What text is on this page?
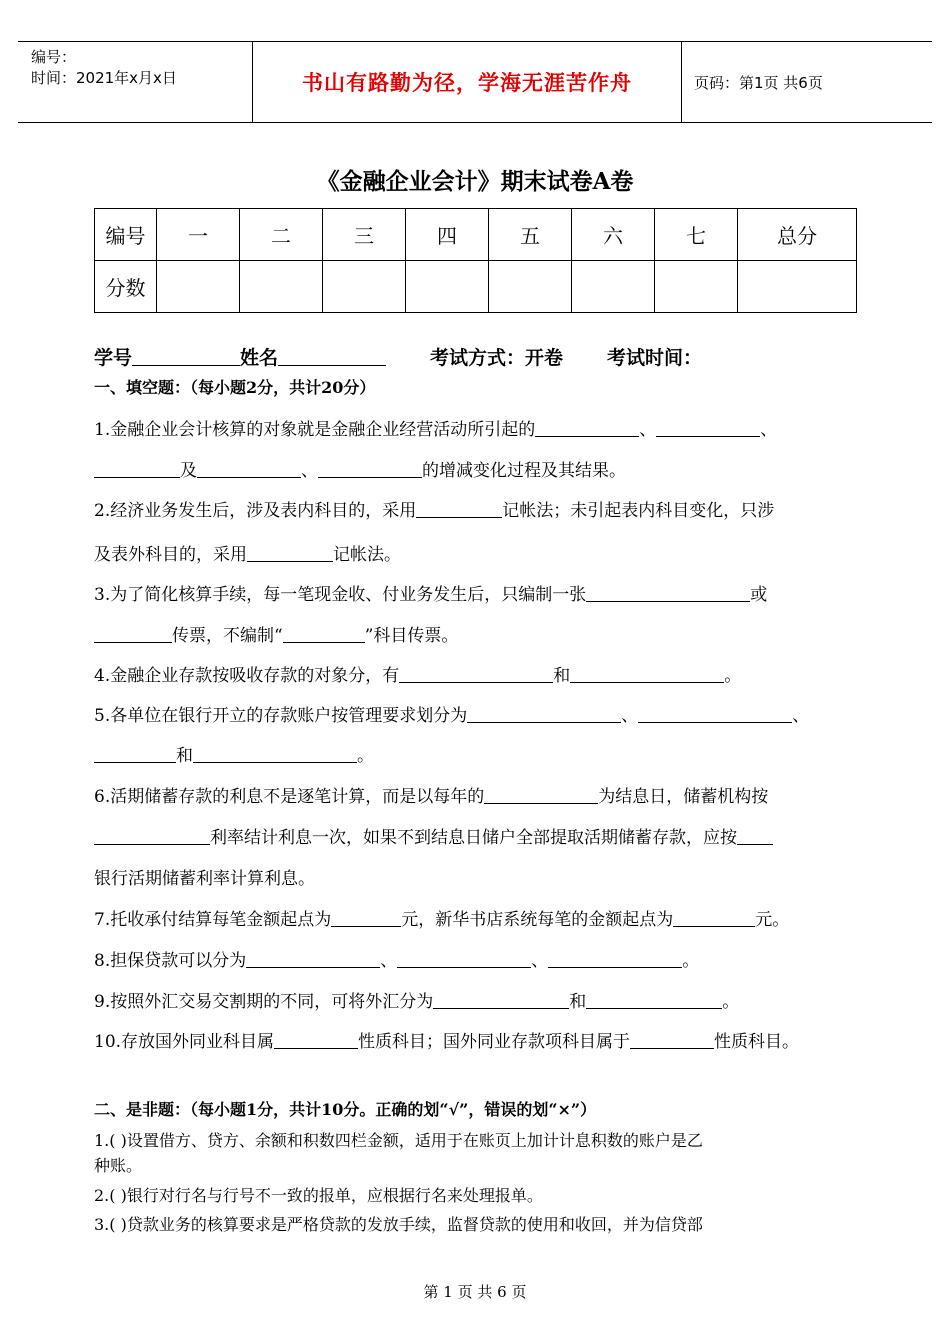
编号：
时间：2021年x月x日	书山有路勤为径，学海无涯苦作舟	页码：第1页 共6页
《金融企业会计》期末试卷A卷
编号	一	二	三	四	五	六	七	总分
分数								
学号	姓名	考试方式：开卷 考试时间：
一、填空题：（每小题2分，共计20分）
1.金融企业会计核算的对象就是金融企业经营活动所引起的	、	、
及	、	的增减变化过程及其结果。
2.经济业务发生后，涉及表内科目的，采用	记帐法；未引起表内科目变化，只涉
及表外科目的，采用	记帐法。
3.为了简化核算手续，每一笔现金收、付业务发生后，只编制一张	或
传票，不编制“	”科目传票。
4.金融企业存款按吸收存款的对象分，有	和	。
5.各单位在银行开立的存款账户按管理要求划分为	、	、
和	。
6.活期储蓄存款的利息不是逐笔计算，而是以每年的	为结息日，储蓄机构按
利率结计利息一次，如果不到结息日储户全部提取活期储蓄存款，应按
银行活期储蓄利率计算利息。
7.托收承付结算每笔金额起点为	元，新华书店系统每笔的金额起点为	元。
8.担保贷款可以分为	、	、	。
9.按照外汇交易交割期的不同，可将外汇分为	和	。
10.存放国外同业科目属	性质科目；国外同业存款项科目属于	性质科目。
二、是非题：（每小题1分，共计10分。正确的划“√”，错误的划“×”）
1.( )设置借方、贷方、余额和积数四栏金额，适用于在账页上加计计息积数的账户是乙
种账。
2.( )银行对行名与行号不一致的报单，应根据行名来处理报单。
3.( )贷款业务的核算要求是严格贷款的发放手续，监督贷款的使用和收回，并为信贷部
第 1 页 共 6 页
